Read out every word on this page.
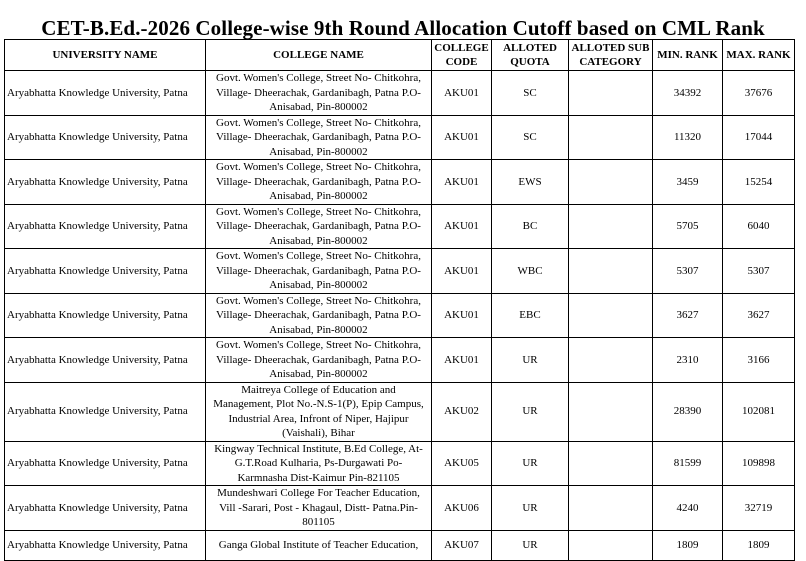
CET-B.Ed.-2026 College-wise 9th Round Allocation Cutoff based on CML Rank
UNIVERSITY NAME	COLLEGE NAME	COLLEGE
CODE	ALLOTED
QUOTA	ALLOTED SUB
CATEGORY	MIN. RANK	MAX. RANK
Aryabhatta Knowledge University, Patna	Govt. Women's College, Street No- Chitkohra,
Village- Dheerachak, Gardanibagh, Patna P.O-
Anisabad, Pin-800002	AKU01	SC		34392	37676
Aryabhatta Knowledge University, Patna	Govt. Women's College, Street No- Chitkohra,
Village- Dheerachak, Gardanibagh, Patna P.O-
Anisabad, Pin-800002	AKU01	SC		11320	17044
Aryabhatta Knowledge University, Patna	Govt. Women's College, Street No- Chitkohra,
Village- Dheerachak, Gardanibagh, Patna P.O-
Anisabad, Pin-800002	AKU01	EWS		3459	15254
Aryabhatta Knowledge University, Patna	Govt. Women's College, Street No- Chitkohra,
Village- Dheerachak, Gardanibagh, Patna P.O-
Anisabad, Pin-800002	AKU01	BC		5705	6040
Aryabhatta Knowledge University, Patna	Govt. Women's College, Street No- Chitkohra,
Village- Dheerachak, Gardanibagh, Patna P.O-
Anisabad, Pin-800002	AKU01	WBC		5307	5307
Aryabhatta Knowledge University, Patna	Govt. Women's College, Street No- Chitkohra,
Village- Dheerachak, Gardanibagh, Patna P.O-
Anisabad, Pin-800002	AKU01	EBC		3627	3627
Aryabhatta Knowledge University, Patna	Govt. Women's College, Street No- Chitkohra,
Village- Dheerachak, Gardanibagh, Patna P.O-
Anisabad, Pin-800002	AKU01	UR		2310	3166
Aryabhatta Knowledge University, Patna	Maitreya College of Education and
Management, Plot No.-N.S-1(P), Epip Campus,
Industrial Area, Infront of Niper, Hajipur
(Vaishali), Bihar	AKU02	UR		28390	102081
Aryabhatta Knowledge University, Patna	Kingway Technical Institute, B.Ed College, At-
G.T.Road Kulharia, Ps-Durgawati Po-
Karmnasha Dist-Kaimur Pin-821105	AKU05	UR		81599	109898
Aryabhatta Knowledge University, Patna	Mundeshwari College For Teacher Education,
Vill -Sarari, Post - Khagaul, Distt- Patna.Pin-
801105	AKU06	UR		4240	32719
Aryabhatta Knowledge University, Patna	Ganga Global Institute of Teacher Education,	AKU07	UR		1809	1809
